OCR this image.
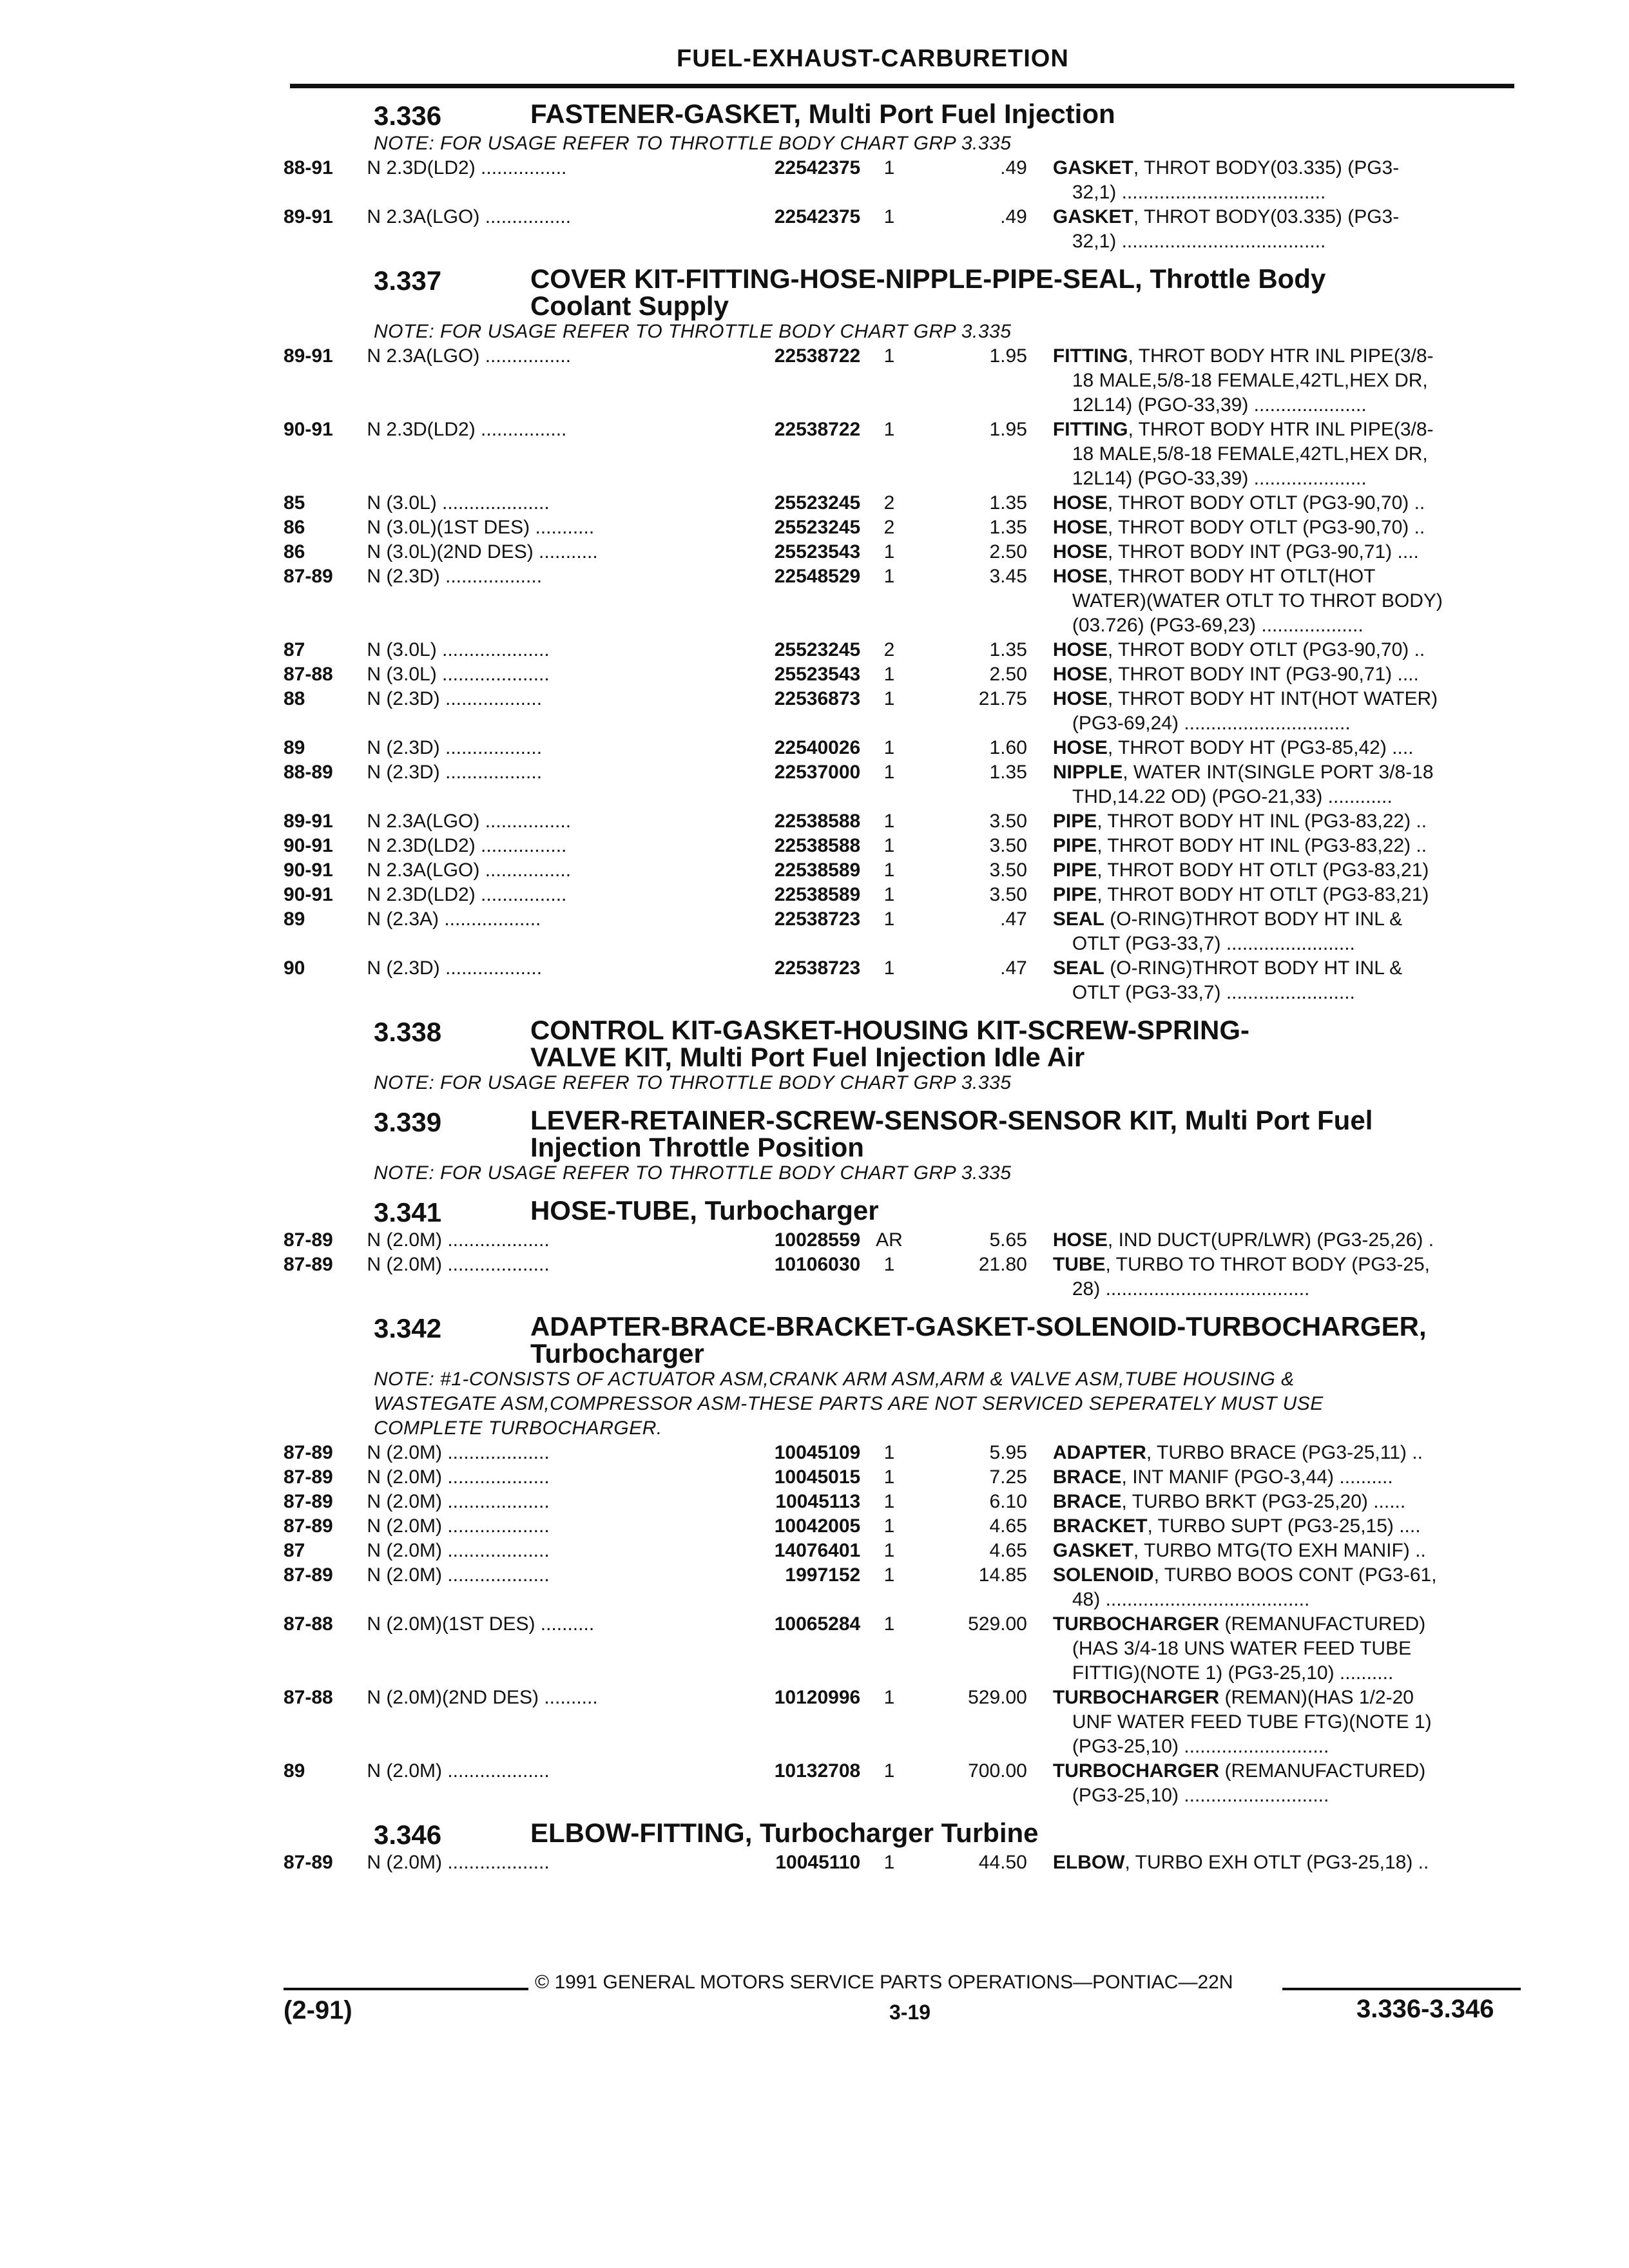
FUEL-EXHAUST-CARBURETION
3.336	FASTENER-GASKET, Multi Port Fuel Injection
NOTE: FOR USAGE REFER TO THROTTLE BODY CHART GRP 3.335
88-91	N 2.3D(LD2) ................	22542375	1	.49	GASKET, THROT BODY(03.335) (PG3-
32,1) ......................................
89-91	N 2.3A(LGO) ................	22542375	1	.49	GASKET, THROT BODY(03.335) (PG3-
32,1) ......................................
3.337	COVER KIT-FITTING-HOSE-NIPPLE-PIPE-SEAL, Throttle Body
Coolant Supply
NOTE: FOR USAGE REFER TO THROTTLE BODY CHART GRP 3.335
89-91	N 2.3A(LGO) ................	22538722	1	1.95	FITTING, THROT BODY HTR INL PIPE(3/8-
18 MALE,5/8-18 FEMALE,42TL,HEX DR,
12L14) (PGO-33,39) .....................
90-91	N 2.3D(LD2) ................	22538722	1	1.95	FITTING, THROT BODY HTR INL PIPE(3/8-
18 MALE,5/8-18 FEMALE,42TL,HEX DR,
12L14) (PGO-33,39) .....................
85	N (3.0L) ....................	25523245	2	1.35	HOSE, THROT BODY OTLT (PG3-90,70) ..
86	N (3.0L)(1ST DES) ...........	25523245	2	1.35	HOSE, THROT BODY OTLT (PG3-90,70) ..
86	N (3.0L)(2ND DES) ...........	25523543	1	2.50	HOSE, THROT BODY INT (PG3-90,71) ....
87-89	N (2.3D) ..................	22548529	1	3.45	HOSE, THROT BODY HT OTLT(HOT
WATER)(WATER OTLT TO THROT BODY)
(03.726) (PG3-69,23) ...................
87	N (3.0L) ....................	25523245	2	1.35	HOSE, THROT BODY OTLT (PG3-90,70) ..
87-88	N (3.0L) ....................	25523543	1	2.50	HOSE, THROT BODY INT (PG3-90,71) ....
88	N (2.3D) ..................	22536873	1	21.75	HOSE, THROT BODY HT INT(HOT WATER)
(PG3-69,24) ...............................
89	N (2.3D) ..................	22540026	1	1.60	HOSE, THROT BODY HT (PG3-85,42) ....
88-89	N (2.3D) ..................	22537000	1	1.35	NIPPLE, WATER INT(SINGLE PORT 3/8-18
THD,14.22 OD) (PGO-21,33) ............
89-91	N 2.3A(LGO) ................	22538588	1	3.50	PIPE, THROT BODY HT INL (PG3-83,22) ..
90-91	N 2.3D(LD2) ................	22538588	1	3.50	PIPE, THROT BODY HT INL (PG3-83,22) ..
90-91	N 2.3A(LGO) ................	22538589	1	3.50	PIPE, THROT BODY HT OTLT (PG3-83,21)
90-91	N 2.3D(LD2) ................	22538589	1	3.50	PIPE, THROT BODY HT OTLT (PG3-83,21)
89	N (2.3A) ..................	22538723	1	.47	SEAL (O-RING)THROT BODY HT INL &
OTLT (PG3-33,7) ........................
90	N (2.3D) ..................	22538723	1	.47	SEAL (O-RING)THROT BODY HT INL &
OTLT (PG3-33,7) ........................
3.338	CONTROL KIT-GASKET-HOUSING KIT-SCREW-SPRING-
VALVE KIT, Multi Port Fuel Injection Idle Air
NOTE: FOR USAGE REFER TO THROTTLE BODY CHART GRP 3.335
3.339	LEVER-RETAINER-SCREW-SENSOR-SENSOR KIT, Multi Port Fuel
Injection Throttle Position
NOTE: FOR USAGE REFER TO THROTTLE BODY CHART GRP 3.335
3.341	HOSE-TUBE, Turbocharger
87-89	N (2.0M) ...................	10028559 AR	5.65	HOSE, IND DUCT(UPR/LWR) (PG3-25,26) .
87-89	N (2.0M) ...................	10106030	1	21.80	TUBE, TURBO TO THROT BODY (PG3-25,
28) ......................................
3.342	ADAPTER-BRACE-BRACKET-GASKET-SOLENOID-TURBOCHARGER,
Turbocharger
NOTE: #1-CONSISTS OF ACTUATOR ASM,CRANK ARM ASM,ARM & VALVE ASM,TUBE HOUSING &
WASTEGATE ASM,COMPRESSOR ASM-THESE PARTS ARE NOT SERVICED SEPERATELY MUST USE
COMPLETE TURBOCHARGER.
87-89	N (2.0M) ...................	10045109	1	5.95	ADAPTER, TURBO BRACE (PG3-25,11) ..
87-89	N (2.0M) ...................	10045015	1	7.25	BRACE, INT MANIF (PGO-3,44) ..........
87-89	N (2.0M) ...................	10045113	1	6.10	BRACE, TURBO BRKT (PG3-25,20) ......
87-89	N (2.0M) ...................	10042005	1	4.65	BRACKET, TURBO SUPT (PG3-25,15) ....
87	N (2.0M) ...................	14076401	1	4.65	GASKET, TURBO MTG(TO EXH MANIF) ..
87-89	N (2.0M) ...................	1997152	1	14.85	SOLENOID, TURBO BOOS CONT (PG3-61,
48) ......................................
87-88	N (2.0M)(1ST DES) ..........	10065284	1	529.00	TURBOCHARGER (REMANUFACTURED)
(HAS 3/4-18 UNS WATER FEED TUBE
FITTIG)(NOTE 1) (PG3-25,10) ..........
87-88	N (2.0M)(2ND DES) ..........	10120996	1	529.00	TURBOCHARGER (REMAN)(HAS 1/2-20
UNF WATER FEED TUBE FTG)(NOTE 1)
(PG3-25,10) ...........................
89	N (2.0M) ...................	10132708	1	700.00	TURBOCHARGER (REMANUFACTURED)
(PG3-25,10) ...........................
3.346	ELBOW-FITTING, Turbocharger Turbine
87-89	N (2.0M) ...................	10045110	1	44.50	ELBOW, TURBO EXH OTLT (PG3-25,18) ..
© 1991 GENERAL MOTORS SERVICE PARTS OPERATIONS—PONTIAC—22N
(2-91)	3-19	3.336-3.346
